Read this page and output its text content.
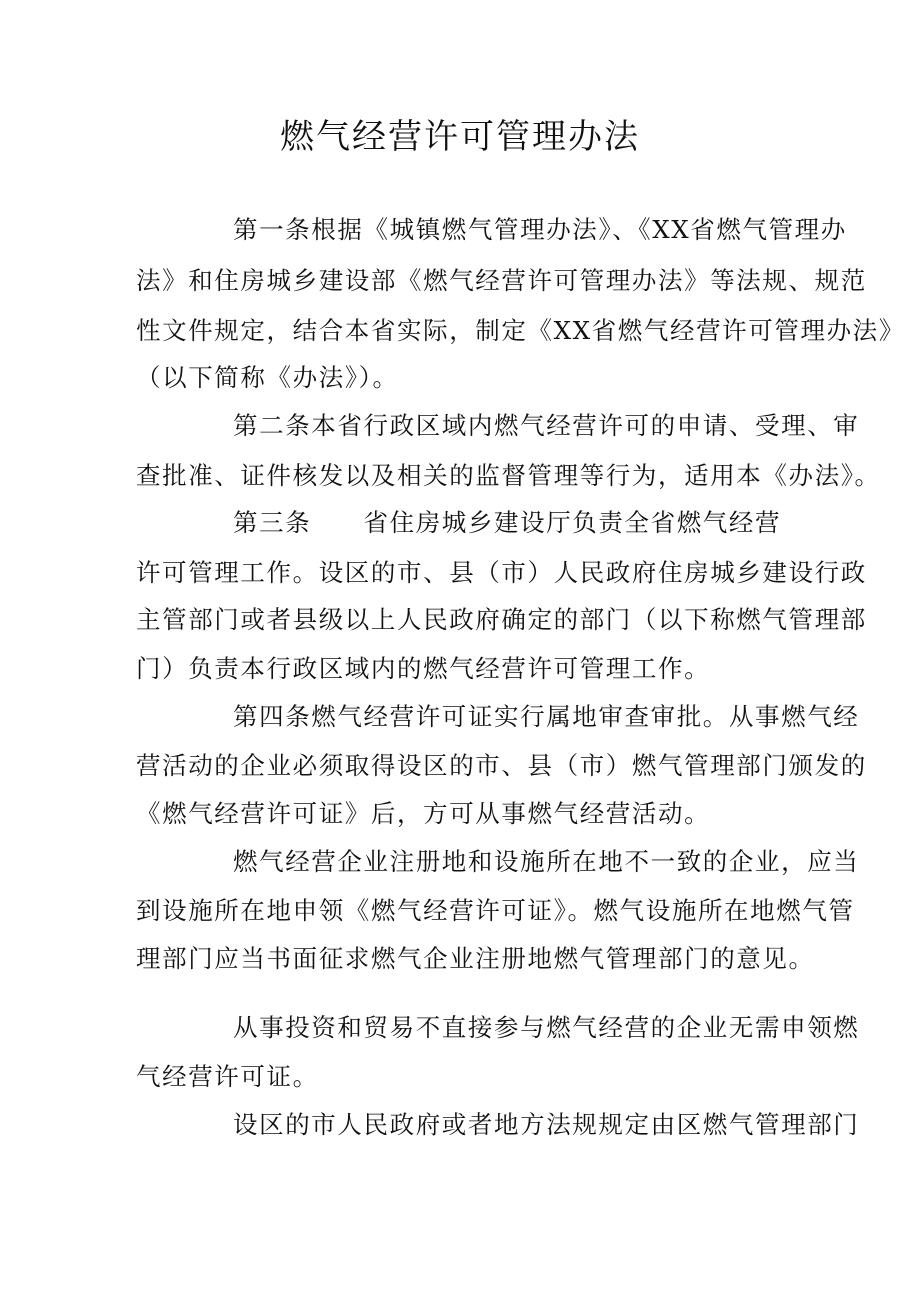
燃气经营许可管理办法
第一条根据《城镇燃气管理办法》、《XX省燃气管理办
法》和住房城乡建设部《燃气经营许可管理办法》等法规、规范
性文件规定，结合本省实际，制定《XX省燃气经营许可管理办法》
（以下简称《办法》）。
第二条本省行政区域内燃气经营许可的申请、受理、审
查批准、证件核发以及相关的监督管理等行为，适用本《办法》。
第三条　　省住房城乡建设厅负责全省燃气经营
许可管理工作。设区的市、县（市）人民政府住房城乡建设行政
主管部门或者县级以上人民政府确定的部门（以下称燃气管理部
门）负责本行政区域内的燃气经营许可管理工作。
第四条燃气经营许可证实行属地审查审批。从事燃气经
营活动的企业必须取得设区的市、县（市）燃气管理部门颁发的
《燃气经营许可证》后，方可从事燃气经营活动。
燃气经营企业注册地和设施所在地不一致的企业，应当
到设施所在地申领《燃气经营许可证》。燃气设施所在地燃气管
理部门应当书面征求燃气企业注册地燃气管理部门的意见。
从事投资和贸易不直接参与燃气经营的企业无需申领燃
气经营许可证。
设区的市人民政府或者地方法规规定由区燃气管理部门
